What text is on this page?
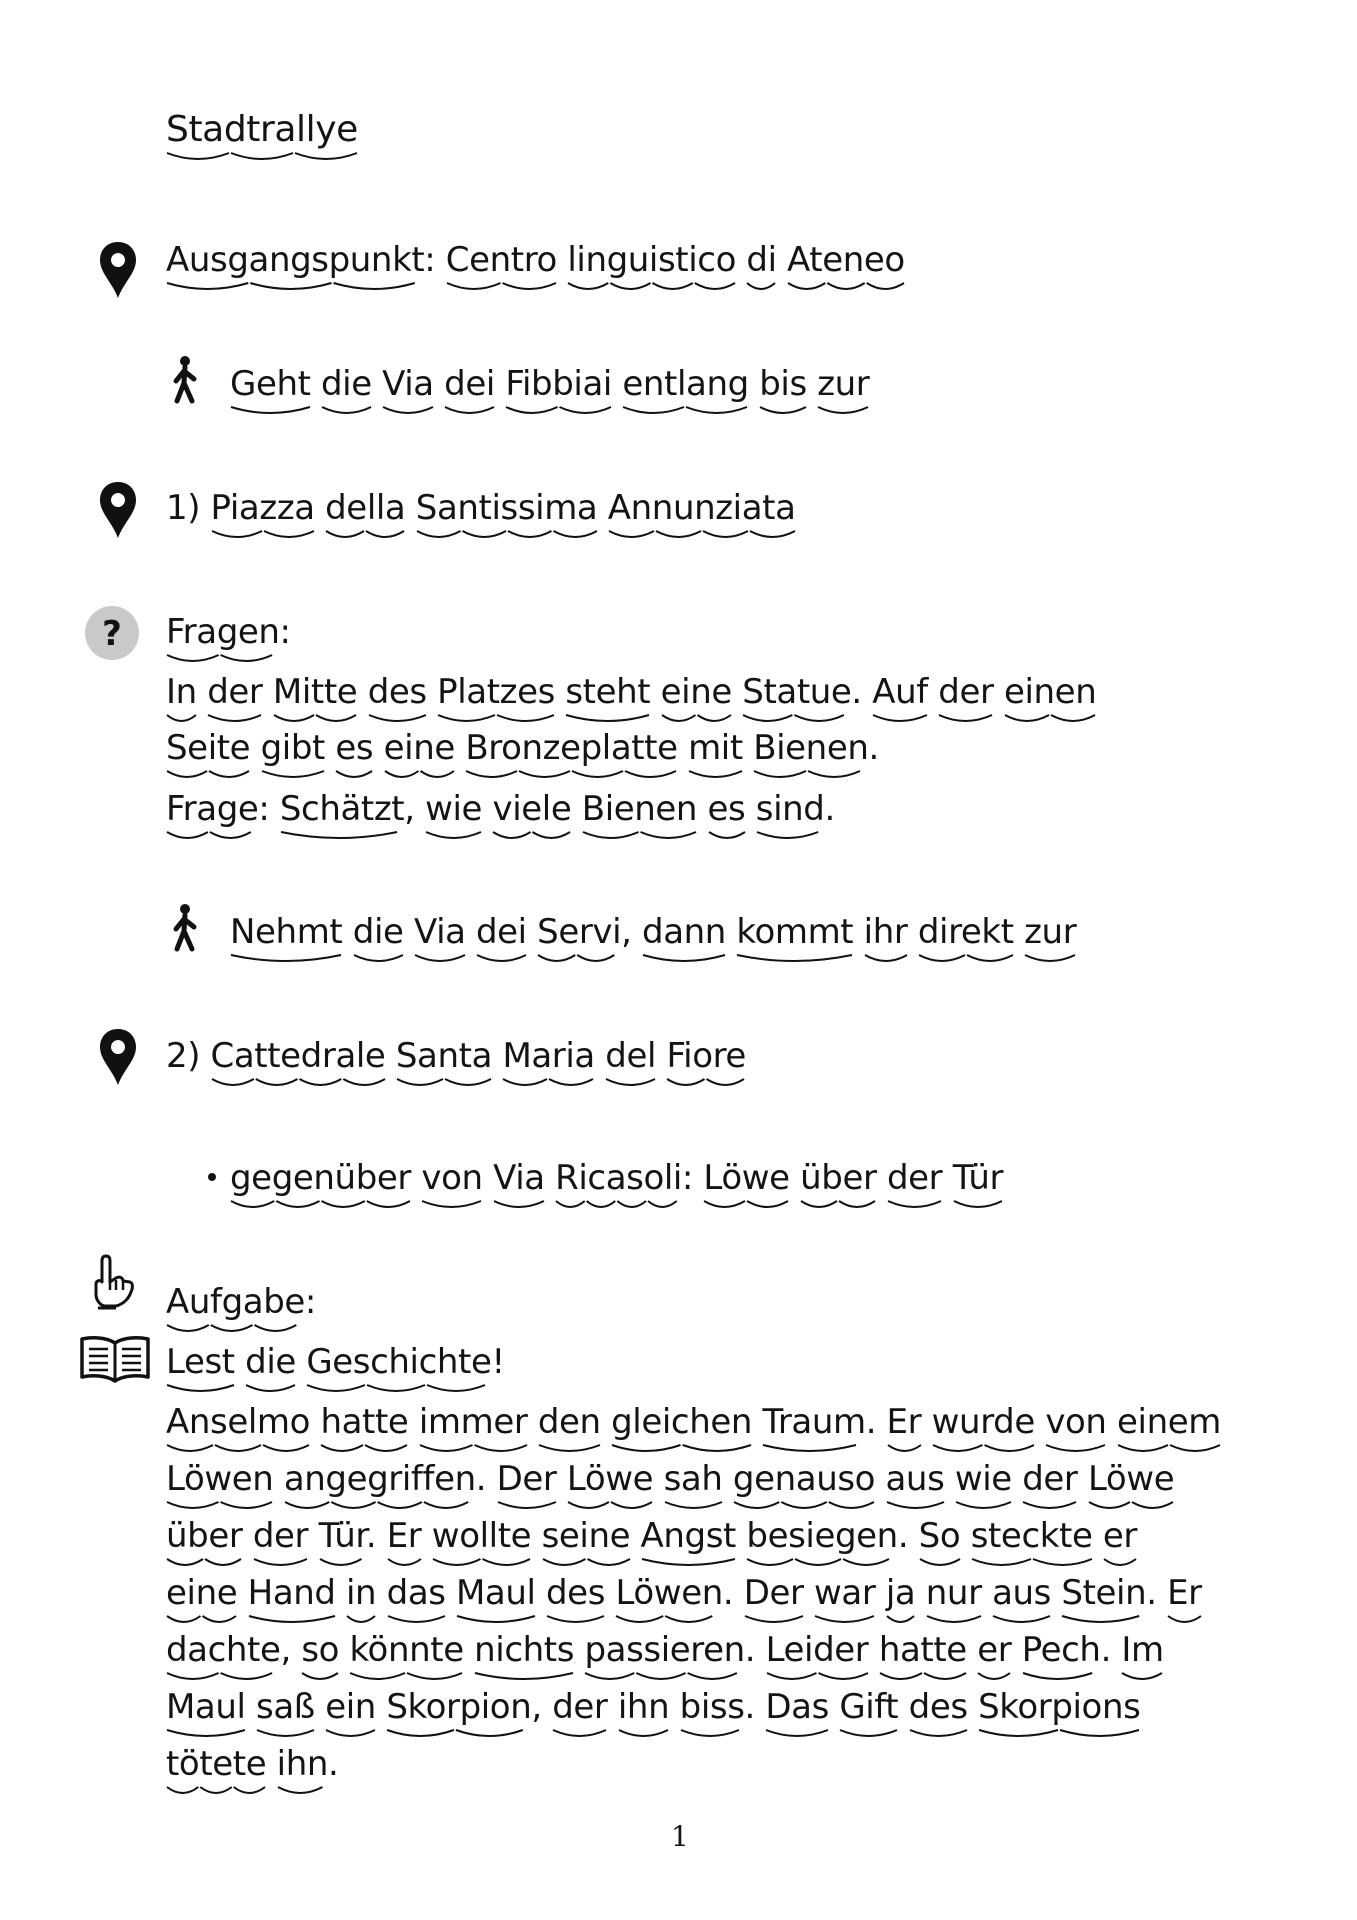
Stadtrallye
Ausgangspunkt: Centro linguistico di Ateneo
Geht die Via dei Fibbiai entlang bis zur
1) Piazza della Santissima Annunziata
? Fragen:
In der Mitte des Platzes steht eine Statue. Auf der einen
Seite gibt es eine Bronzeplatte mit Bienen.
Frage: Schätzt, wie viele Bienen es sind.
Nehmt die Via dei Servi, dann kommt ihr direkt zur
2) Cattedrale Santa Maria del Fiore
gegenüber von Via Ricasoli: Löwe über der Tür
Aufgabe:
Lest die Geschichte!
Anselmo hatte immer den gleichen Traum. Er wurde von einem
Löwen angegriffen. Der Löwe sah genauso aus wie der Löwe
über der Tür. Er wollte seine Angst besiegen. So steckte er
eine Hand in das Maul des Löwen. Der war ja nur aus Stein. Er
dachte, so könnte nichts passieren. Leider hatte er Pech. Im
Maul saß ein Skorpion, der ihn biss. Das Gift des Skorpions
tötete ihn.
1
